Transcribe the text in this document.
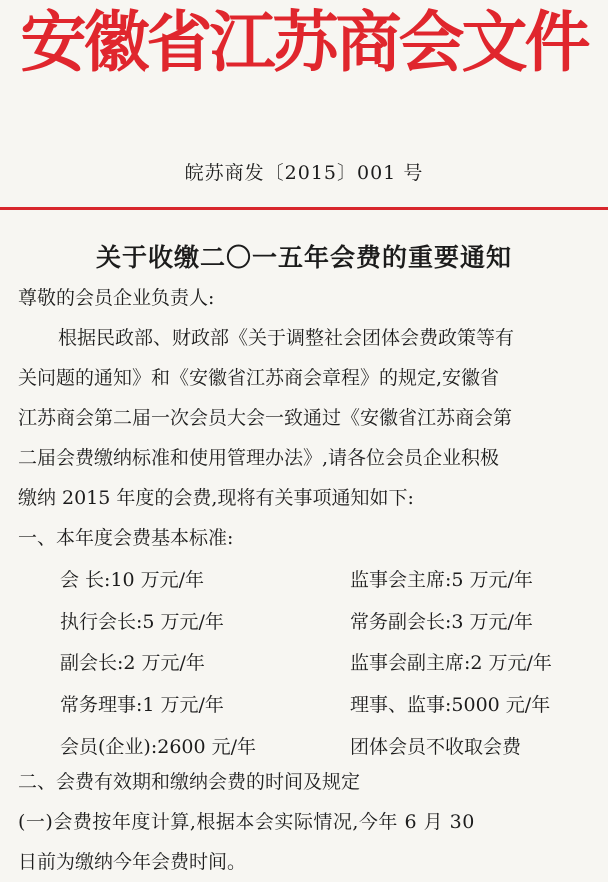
安徽省江苏商会文件
皖苏商发〔2015〕001 号
关于收缴二〇一五年会费的重要通知
尊敬的会员企业负责人:
根据民政部、财政部《关于调整社会团体会费政策等有
关问题的通知》和《安徽省江苏商会章程》的规定,安徽省
江苏商会第二届一次会员大会一致通过《安徽省江苏商会第
二届会费缴纳标准和使用管理办法》,请各位会员企业积极
缴纳 2015 年度的会费,现将有关事项通知如下:
一、本年度会费基本标准:
会 长:10 万元/年	监事会主席:5 万元/年
执行会长:5 万元/年	常务副会长:3 万元/年
副会长:2 万元/年	监事会副主席:2 万元/年
常务理事:1 万元/年	理事、监事:5000 元/年
会员(企业):2600 元/年	团体会员不收取会费
二、会费有效期和缴纳会费的时间及规定
(一)会费按年度计算,根据本会实际情况,今年 6 月 30
日前为缴纳今年会费时间。
